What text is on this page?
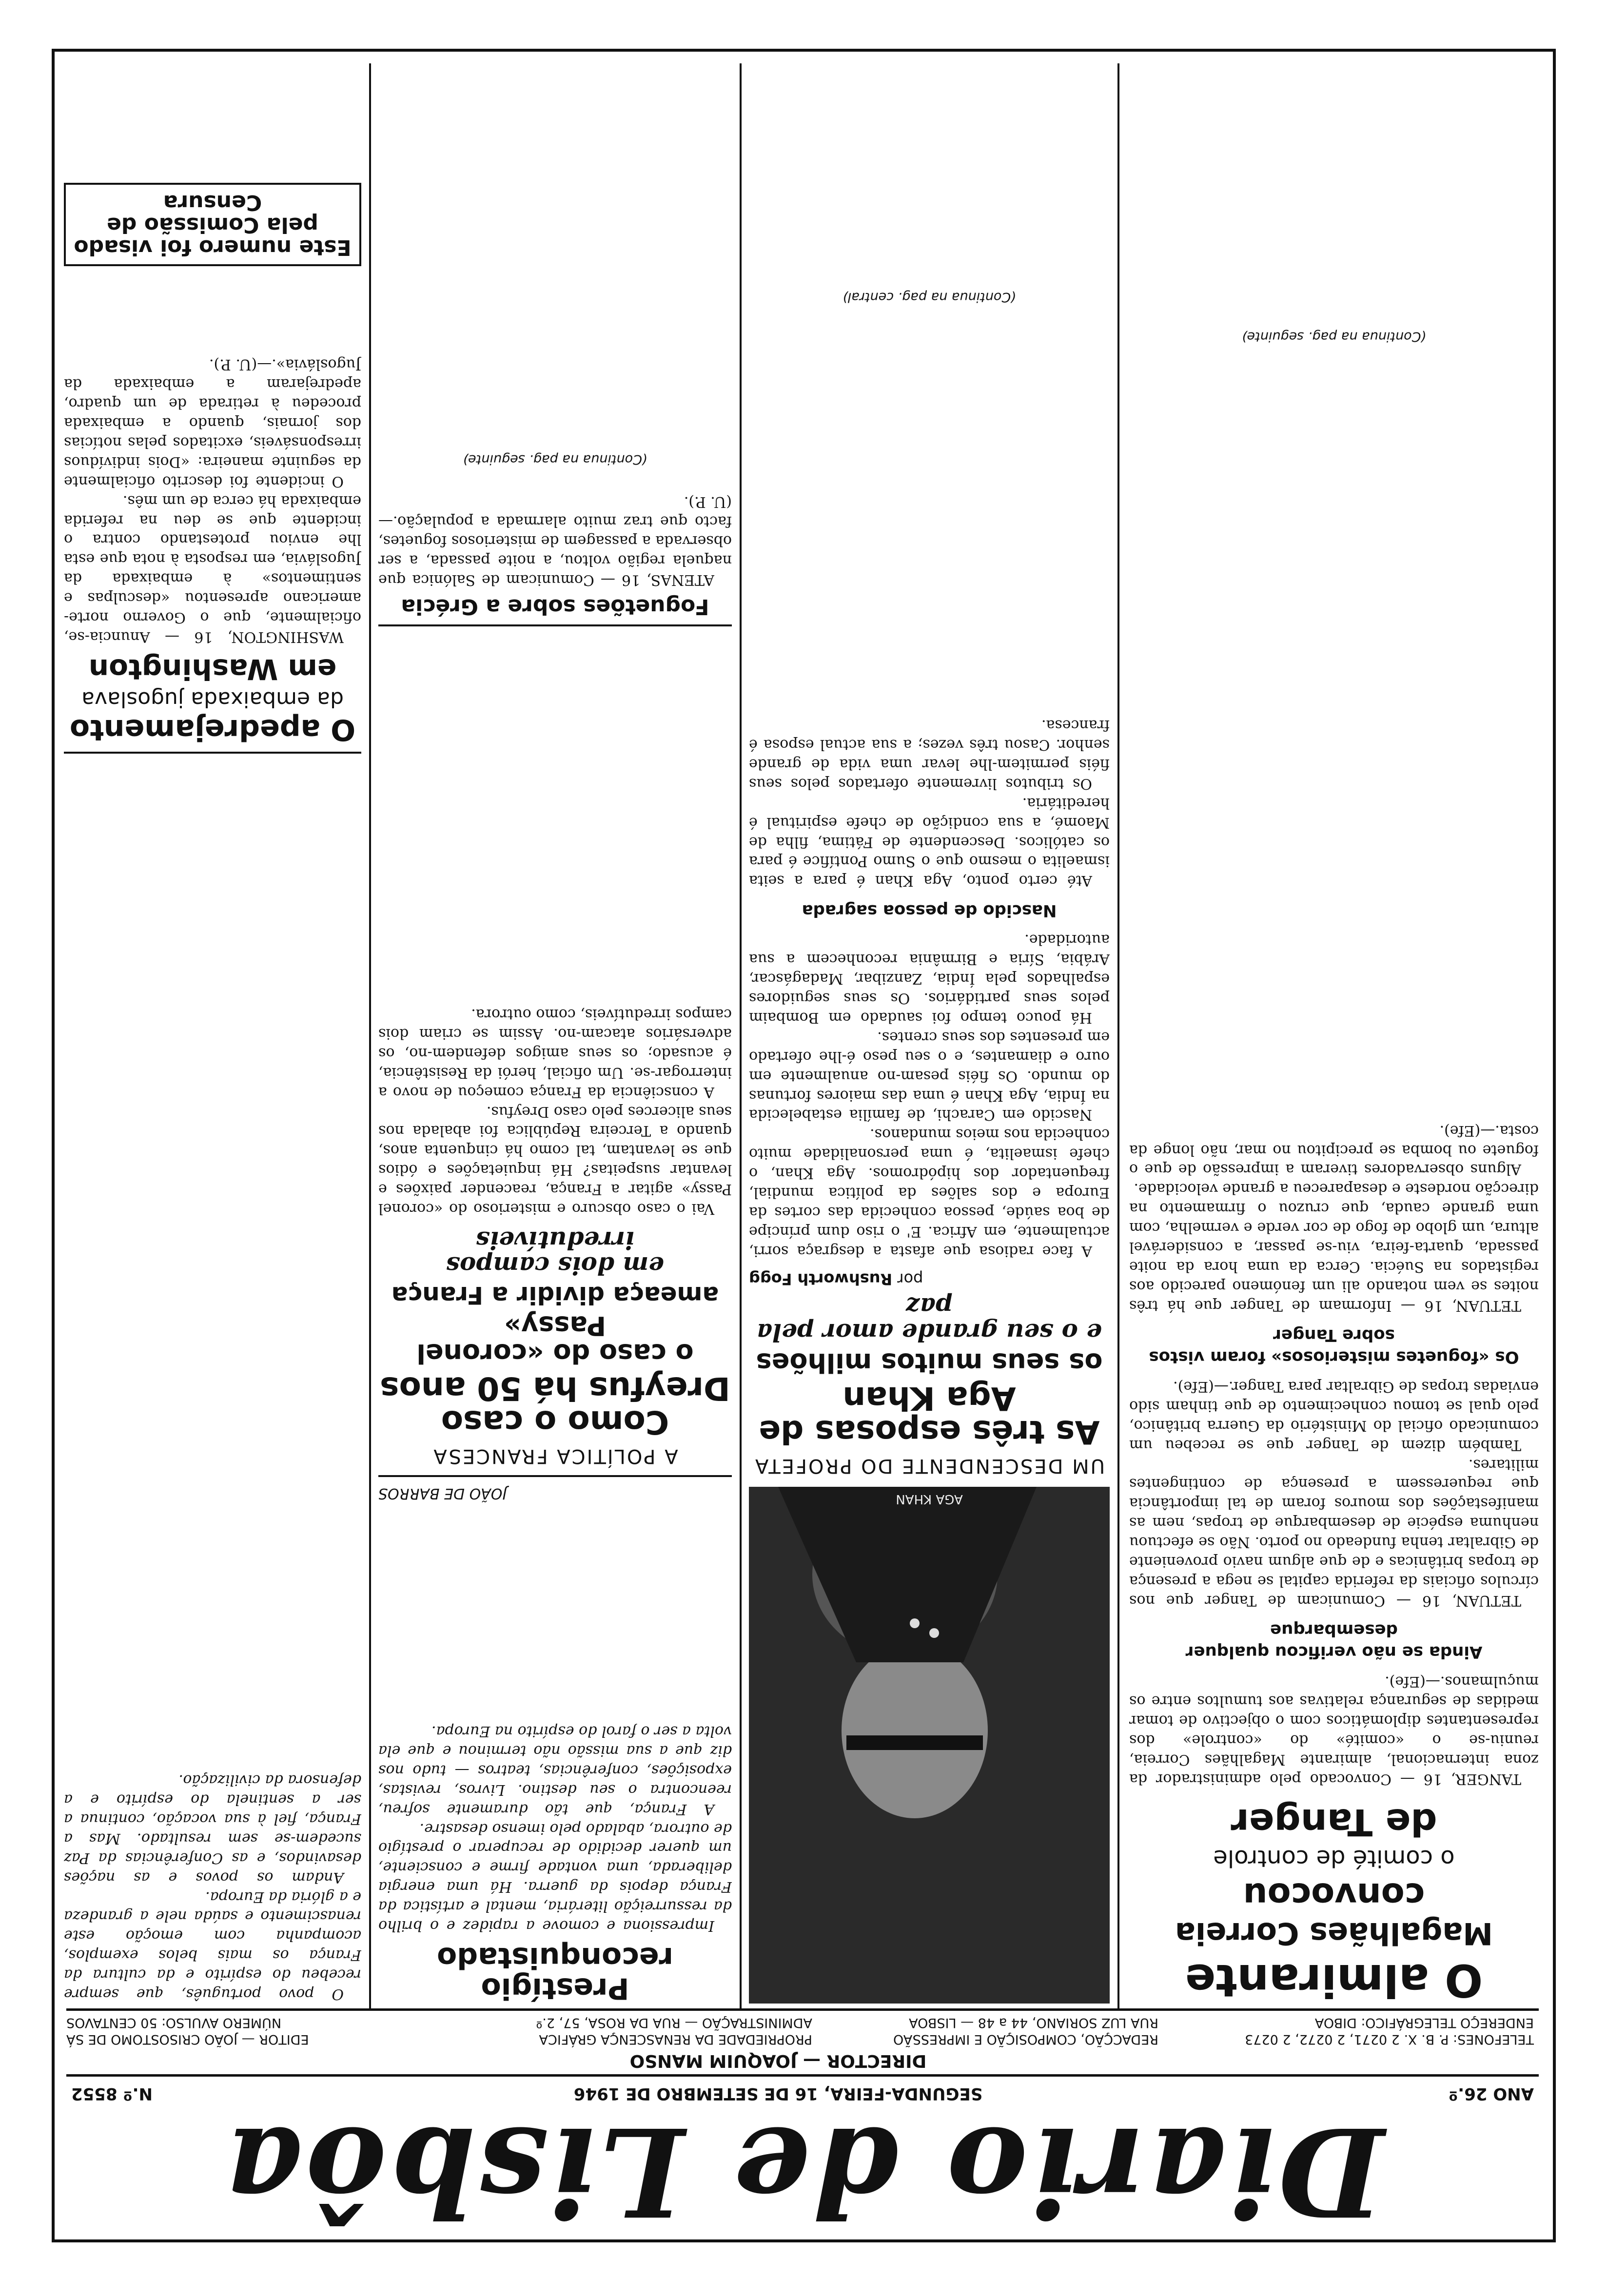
Diario de Lisbôa
ANO 26.º
SEGUNDA-FEIRA, 16 DE SETEMBRO DE 1946
N.º 8552
DIRECTOR — JOAQUIM MANSO
TELEFONES: P. B. X. 2 0271, 2 0272, 2 0273
ENDEREÇO TELEGRÁFICO: DIBOA
REDACÇÃO, COMPOSIÇÃO E IMPRESSÃO
RUA LUZ SORIANO, 44 a 48 — LISBOA
PROPRIEDADE DA RENASCENÇA GRÁFICA
ADMINISTRAÇÃO — RUA DA ROSA, 57, 2.º
EDITOR — JOÃO CRISOSTOMO DE SÁ
NÚMERO AVULSO: 50 CENTAVOS
O almirante
Magalhães Correia
convocou
o comité de controle
de Tanger

TANGER, 16 — Convocado pelo administrador da zona internacional, almirante Magalhães Correia, reuniu-se o «comité» do «controle» dos representantes diplomáticos com o objectivo de tomar medidas de segurança relativas aos tumultos entre os muçulmanos.—(Efe).

Ainda se não verificou qualquer desembarque

TETUAN, 16 — Comunicam de Tanger que nos círculos oficiais da referida capital se nega a presença de tropas britânicas e de que algum navio proveniente de Gibraltar tenha fundeado no porto. Não se efectuou nenhuma espécie de desembarque de tropas, nem as manifestações dos mouros foram de tal importância que requeressem a presença de contingentes militares.

Também dizem de Tanger que se recebeu um comunicado oficial do Ministério da Guerra britânico, pelo qual se tomou conhecimento de que tinham sido enviadas tropas de Gibraltar para Tanger.—(Efe).

Os «foguetes misteriosos» foram vistos sobre Tanger

TETUAN, 16 — Informam de Tanger que há três noites se vem notando ali um fenómeno parecido aos registados na Suécia. Cerca da uma hora da noite passada, quarta-feira, viu-se passar, a considerável altura, um globo de fogo de cor verde e vermelha, com uma grande cauda, que cruzou o firmamento na direcção nordeste e desapareceu a grande velocidade.

Alguns observadores tiveram a impressão de que o foguete ou bomba se precipitou no mar, não longe da costa.—(Efe).

(Continua na pag. seguinte)
AGA KHAN
UM DESCENDENTE DO PROFETA
As três esposas de Aga Khan
os seus muitos milhões
e o seu grande amor pela paz
por Rushworth Fogg

A face radiosa que afasta a desgraça sorri, actualmente, em Africa. E' o riso dum príncipe de boa saúde, pessoa conhecida das cortes da Europa e dos salões da política mundial, frequentador dos hipódromos. Aga Khan, o chefe ismaelita, é uma personalidade muito conhecida nos meios mundanos.

Nascido em Carachi, de família estabelecida na Índia, Aga Khan é uma das maiores fortunas do mundo. Os fiéis pesam-no anualmente em ouro e diamantes, e o seu peso é-lhe ofertado em presentes dos seus crentes.

Há pouco tempo foi saudado em Bombaim pelos seus partidários. Os seus seguidores espalhados pela Índia, Zanzibar, Madagáscar, Arábia, Síria e Birmânia reconhecem a sua autoridade.

Nascido de pessoa sagrada

Até certo ponto, Aga Khan é para a seita ismaelita o mesmo que o Sumo Pontífice é para os católicos. Descendente de Fátima, filha de Maomé, a sua condição de chefe espiritual é hereditária.

Os tributos livremente ofertados pelos seus fiéis permitem-lhe levar uma vida de grande senhor. Casou três vezes; a sua actual esposa é francesa.

(Continua na pag. central)
Prestígio reconquistado

Impressiona e comove a rapidez e o brilho da ressurreição literária, mental e artística da França depois da guerra. Há uma energia deliberada, uma vontade firme e consciente, um querer decidido de recuperar o prestígio de outrora, abalado pelo imenso desastre.

A França, que tão duramente sofreu, reencontra o seu destino. Livros, revistas, exposições, conferências, teatros — tudo nos diz que a sua missão não terminou e que ela volta a ser o farol do espírito na Europa.

JOÃO DE BARROS
A POLÍTICA FRANCESA
Como o caso Dreyfus há 50 anos
o caso do «coronel Passy»
ameaça dividir a França
em dois campos irredutíveis

Vai o caso obscuro e misterioso do «coronel Passy» agitar a França, reacender paixões e levantar suspeitas? Há inquietações e ódios que se levantam, tal como há cinquenta anos, quando a Terceira República foi abalada nos seus alicerces pelo caso Dreyfus.

A consciência da França começou de novo a interrogar-se. Um oficial, herói da Resistência, é acusado; os seus amigos defendem-no, os adversários atacam-no. Assim se criam dois campos irredutíveis, como outrora.

Foguetões sobre a Grécia

ATENAS, 16 — Comunicam de Salónica que naquela região voltou, a noite passada, a ser observada a passagem de misteriosos foguetes, facto que traz muito alarmada a população.—(U. P.).

(Continua na pag. seguinte)

O povo português, que sempre recebeu do espírito e da cultura da França os mais belos exemplos, acompanha com emoção este renascimento e saúda nele a grandeza e a glória da Europa.

Andam os povos e as nações desavindos, e as Conferências da Paz sucedem-se sem resultado. Mas a França, fiel à sua vocação, continua a ser a sentinela do espírito e a defensora da civilização.

O apedrejamento
da embaixada jugoslava
em Washington

WASHINGTON, 16 — Anuncia-se, oficialmente, que o Governo norte-americano apresentou «desculpas e sentimentos» à embaixada da Jugoslávia, em resposta à nota que esta lhe enviou protestando contra o incidente que se deu na referida embaixada há cerca de um mês.

O incidente foi descrito oficialmente da seguinte maneira: «Dois indivíduos irresponsáveis, excitados pelas notícias dos jornais, quando a embaixada procedeu à retirada de um quadro, apedrejaram a embaixada da Jugoslávia».—(U. P.).

Este numero foi visado pela Comissão de Censura
